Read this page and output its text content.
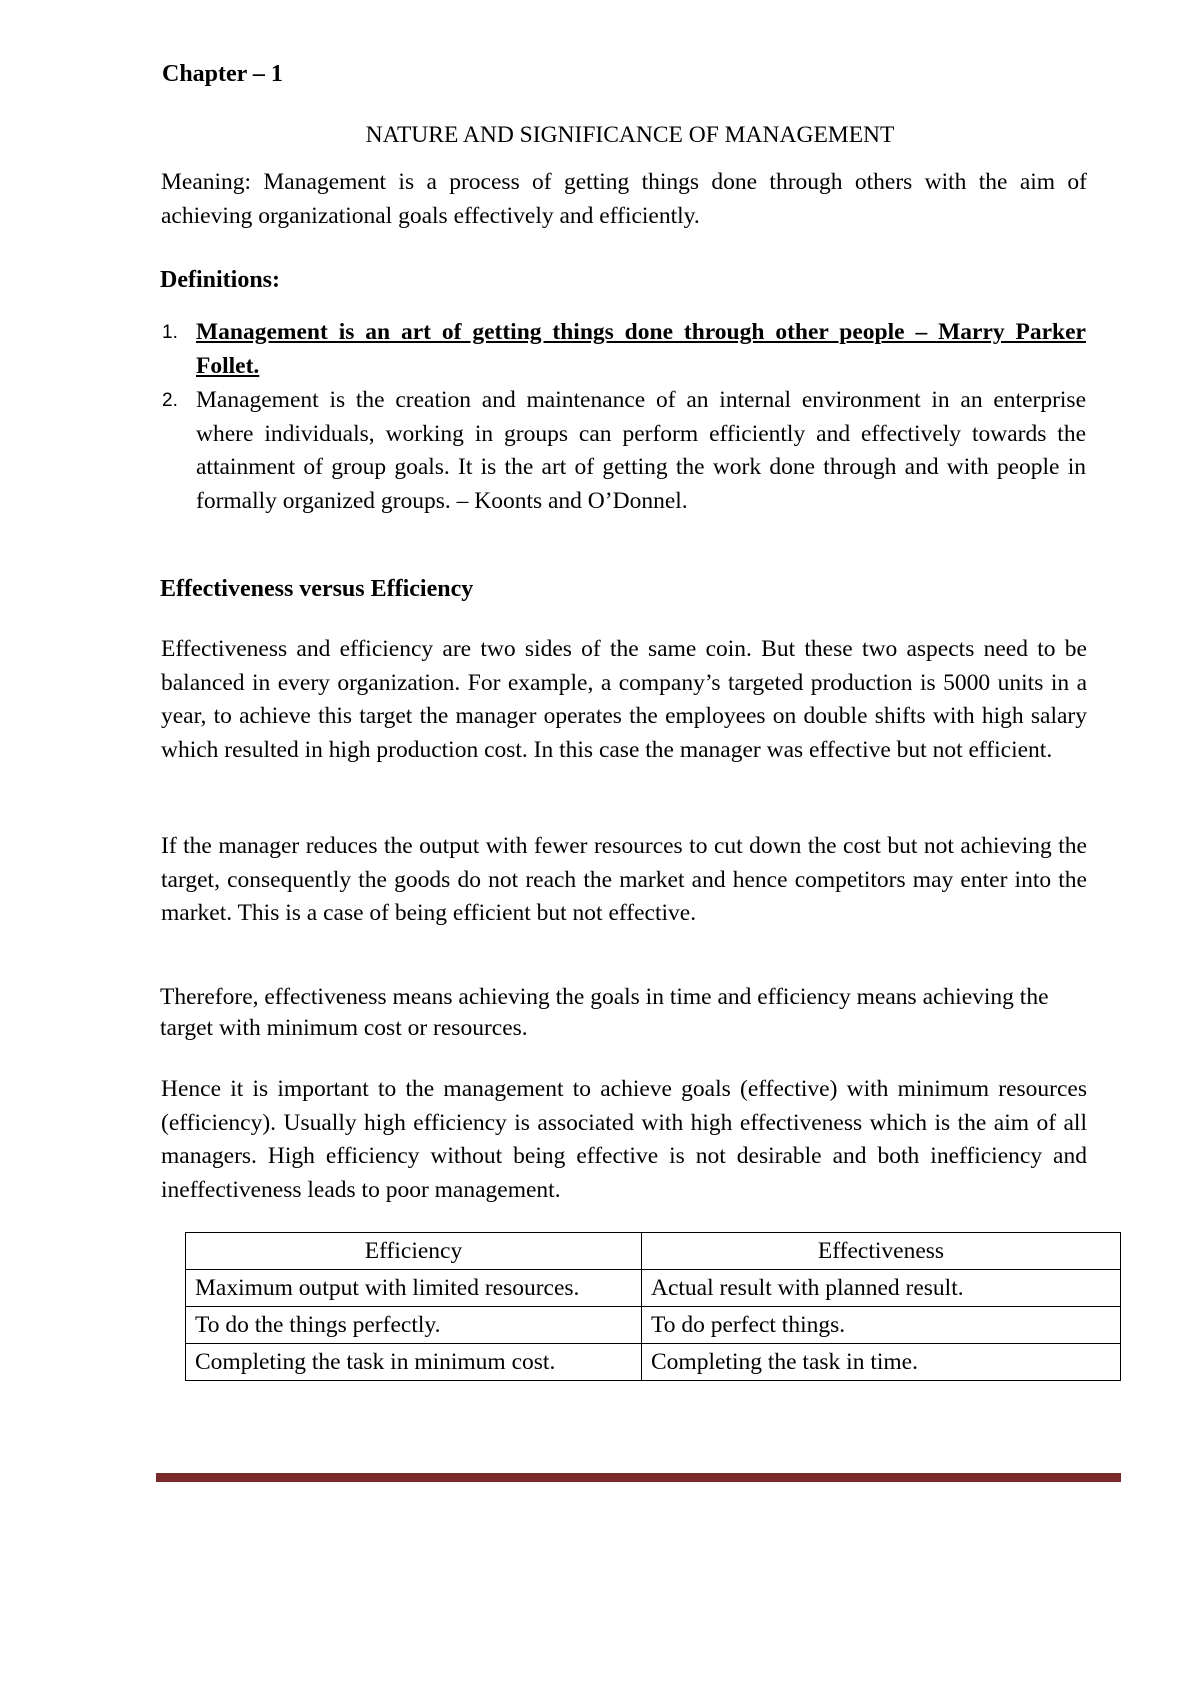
Chapter – 1
NATURE AND SIGNIFICANCE OF MANAGEMENT
Meaning: Management is a process of getting things done through others with the aim of achieving organizational goals effectively and efficiently.
Definitions:
1. Management is an art of getting things done through other people – Marry Parker Follet.
2. Management is the creation and maintenance of an internal environment in an enterprise where individuals, working in groups can perform efficiently and effectively towards the attainment of group goals. It is the art of getting the work done through and with people in formally organized groups. – Koonts and O’Donnel.
Effectiveness versus Efficiency
Effectiveness and efficiency are two sides of the same coin. But these two aspects need to be balanced in every organization. For example, a company’s targeted production is 5000 units in a year, to achieve this target the manager operates the employees on double shifts with high salary which resulted in high production cost. In this case the manager was effective but not efficient.
If the manager reduces the output with fewer resources to cut down the cost but not achieving the target, consequently the goods do not reach the market and hence competitors may enter into the market. This is a case of being efficient but not effective.
Therefore, effectiveness means achieving the goals in time and efficiency means achieving the target with minimum cost or resources.
Hence it is important to the management to achieve goals (effective) with minimum resources (efficiency). Usually high efficiency is associated with high effectiveness which is the aim of all managers. High efficiency without being effective is not desirable and both inefficiency and ineffectiveness leads to poor management.
Efficiency	Effectiveness
Maximum output with limited resources.	Actual result with planned result.
To do the things perfectly.	To do perfect things.
Completing the task in minimum cost.	Completing the task in time.
